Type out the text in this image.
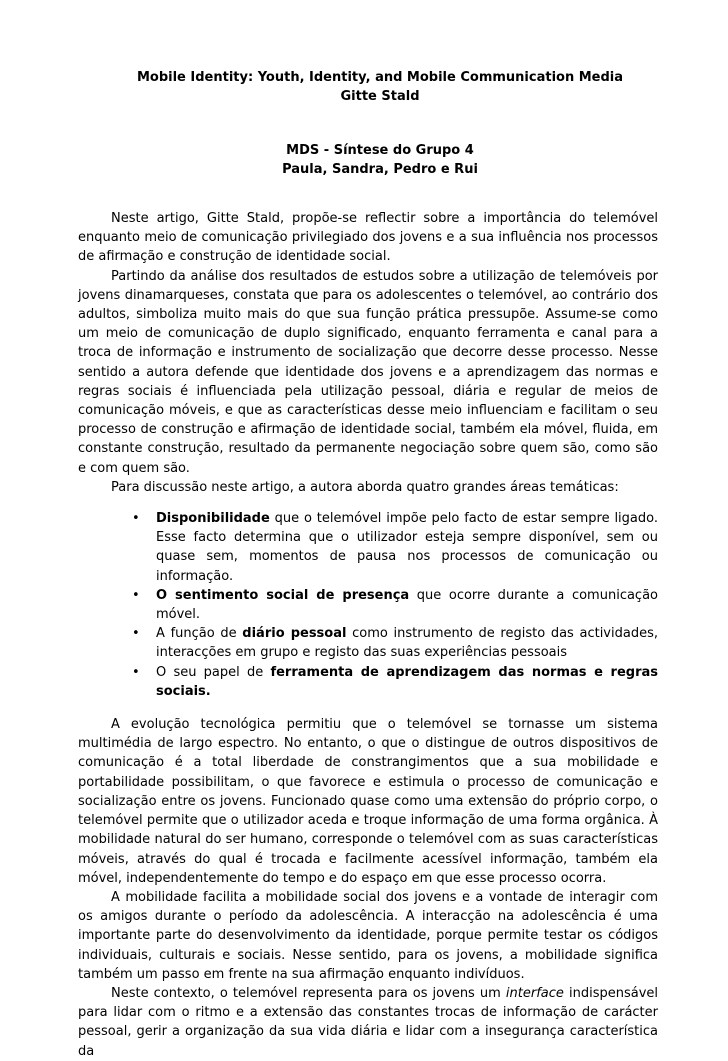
Mobile Identity: Youth, Identity, and Mobile Communication Media
Gitte Stald
MDS - Síntese do Grupo 4
Paula, Sandra, Pedro e Rui

Neste artigo, Gitte Stald, propõe-se reflectir sobre a importância do telemóvel enquanto meio de comunicação privilegiado dos jovens e a sua influência nos processos de afirmação e construção de identidade social.

Partindo da análise dos resultados de estudos sobre a utilização de telemóveis por jovens dinamarqueses, constata que para os adolescentes o telemóvel, ao contrário dos adultos, simboliza muito mais do que sua função prática pressupõe. Assume-se como um meio de comunicação de duplo significado, enquanto ferramenta e canal para a troca de informação e instrumento de socialização que decorre desse processo. Nesse sentido a autora defende que identidade dos jovens e a aprendizagem das normas e regras sociais é influenciada pela utilização pessoal, diária e regular de meios de comunicação móveis, e que as características desse meio influenciam e facilitam o seu processo de construção e afirmação de identidade social, também ela móvel, fluida, em constante construção, resultado da permanente negociação sobre quem são, como são e com quem são.

Para discussão neste artigo, a autora aborda quatro grandes áreas temáticas:

• Disponibilidade que o telemóvel impõe pelo facto de estar sempre ligado. Esse facto determina que o utilizador esteja sempre disponível, sem ou quase sem, momentos de pausa nos processos de comunicação ou informação.
• O sentimento social de presença que ocorre durante a comunicação móvel.
• A função de diário pessoal como instrumento de registo das actividades, interacções em grupo e registo das suas experiências pessoais
• O seu papel de ferramenta de aprendizagem das normas e regras sociais.

A evolução tecnológica permitiu que o telemóvel se tornasse um sistema multimédia de largo espectro. No entanto, o que o distingue de outros dispositivos de comunicação é a total liberdade de constrangimentos que a sua mobilidade e portabilidade possibilitam, o que favorece e estimula o processo de comunicação e socialização entre os jovens. Funcionado quase como uma extensão do próprio corpo, o telemóvel permite que o utilizador aceda e troque informação de uma forma orgânica. À mobilidade natural do ser humano, corresponde o telemóvel com as suas características móveis, através do qual é trocada e facilmente acessível informação, também ela móvel, independentemente do tempo e do espaço em que esse processo ocorra.

A mobilidade facilita a mobilidade social dos jovens e a vontade de interagir com os amigos durante o período da adolescência. A interacção na adolescência é uma importante parte do desenvolvimento da identidade, porque permite testar os códigos individuais, culturais e sociais. Nesse sentido, para os jovens, a mobilidade significa também um passo em frente na sua afirmação enquanto indivíduos.

Neste contexto, o telemóvel representa para os jovens um interface indispensável para lidar com o ritmo e a extensão das constantes trocas de informação de carácter pessoal, gerir a organização da sua vida diária e lidar com a insegurança característica da
